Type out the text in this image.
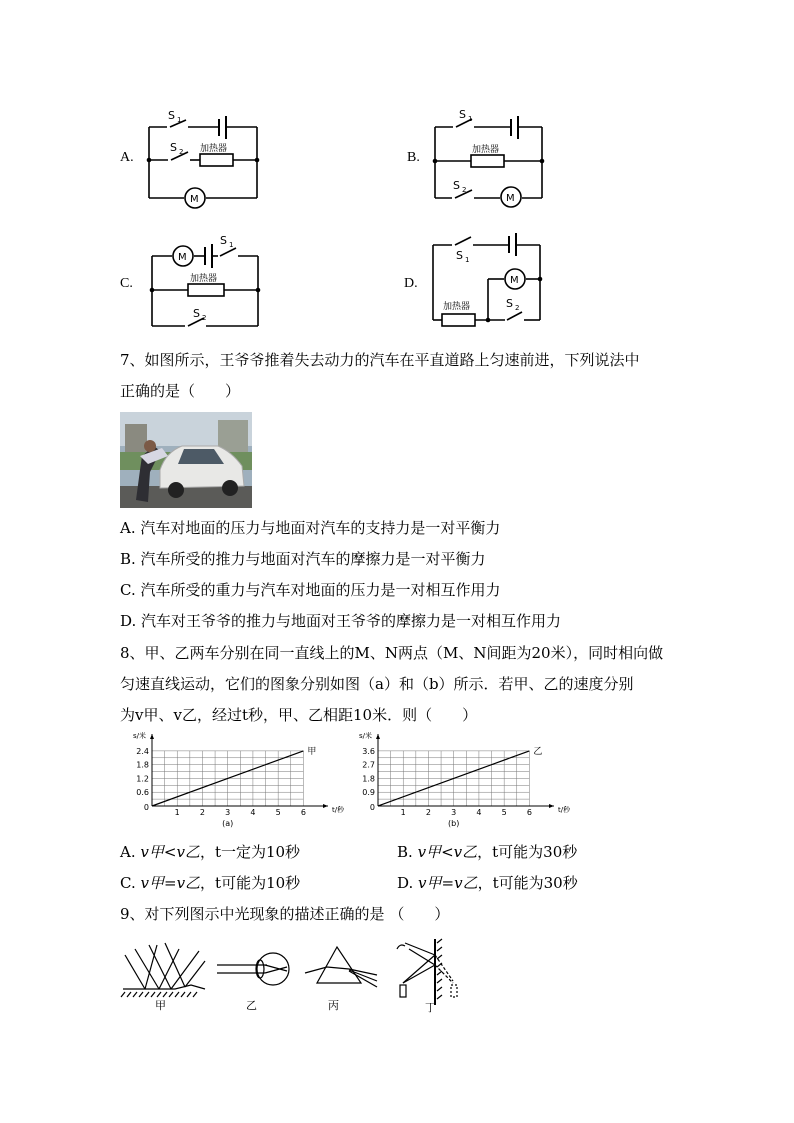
A.	B.
C.	D.
S 1
S 2 加热器
M
S 1
加热器
S 2
M
M
S 1
加热器
S 2
S 1
M
加热器	S 2
7、如图所示，王爷爷推着失去动力的汽车在平直道路上匀速前进，下列说法中
正确的是（　　）
A. 汽车对地面的压力与地面对汽车的支持力是一对平衡力
B. 汽车所受的推力与地面对汽车的摩擦力是一对平衡力
C. 汽车所受的重力与汽车对地面的压力是一对相互作用力
D. 汽车对王爷爷的推力与地面对王爷爷的摩擦力是一对相互作用力
8、甲、乙两车分别在同一直线上的M、N两点（M、N间距为20米），同时相向做
匀速直线运动，它们的图象分别如图（a）和（b）所示．若甲、乙的速度分别
为v甲、v乙，经过t秒，甲、乙相距10米．则（　　）
1	2	3	4	5	6
0.6
1.2
1.8
2.4
0
s/米
t/秒
(a)
甲
1	2	3	4	5	6
0.9
1.8
2.7
3.6
0
s/米
t/秒
(b)
乙
A. v甲<v乙，t一定为10秒	B. v甲<v乙，t可能为30秒
C. v甲=v乙，t可能为10秒	D. v甲=v乙，t可能为30秒
9、对下列图示中光现象的描述正确的是 （　　）
甲	乙	丙	丁
